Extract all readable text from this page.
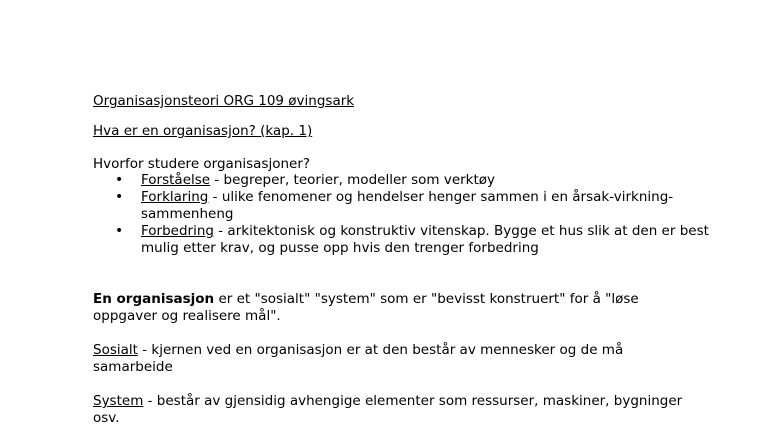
Organisasjonsteori ORG 109 øvingsark
Hva er en organisasjon? (kap. 1)
Hvorfor studere organisasjoner?
• Forståelse - begreper, teorier, modeller som verktøy
• Forklaring - ulike fenomener og hendelser henger sammen i en årsak-virkning- sammenheng
• Forbedring - arkitektonisk og konstruktiv vitenskap. Bygge et hus slik at den er best mulig etter krav, og pusse opp hvis den trenger forbedring
En organisasjon er et "sosialt" "system" som er "bevisst konstruert" for å "løse oppgaver og realisere mål".
Sosialt - kjernen ved en organisasjon er at den består av mennesker og de må samarbeide
System - består av gjensidig avhengige elementer som ressurser, maskiner, bygninger osv.
